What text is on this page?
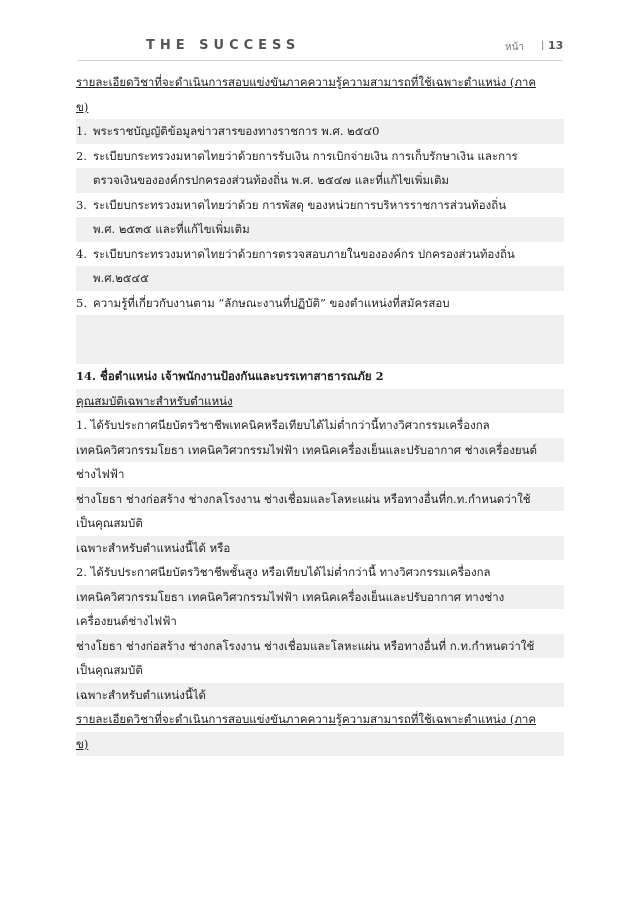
THE SUCCESS	หน้า | 13
รายละเอียดวิชาที่จะดำเนินการสอบแข่งขันภาคความรู้ความสามารถที่ใช้เฉพาะตำแหน่ง (ภาค
ข)
1. พระราชบัญญัติข้อมูลข่าวสารของทางราชการ พ.ศ. ๒๕๔0
2. ระเบียบกระทรวงมหาดไทยว่าด้วยการรับเงิน การเบิกจ่ายเงิน การเก็บรักษาเงิน และการ
ตรวจเงินขององค์กรปกครองส่วนท้องถิ่น พ.ศ. ๒๕๔๗ และที่แก้ไขเพิ่มเติม
3. ระเบียบกระทรวงมหาดไทยว่าด้วย การพัสดุ ของหน่วยการบริหารราชการส่วนท้องถิ่น
พ.ศ. ๒๕๓๕ และที่แก้ไขเพิ่มเติม
4. ระเบียบกระทรวงมหาดไทยว่าด้วยการตรวจสอบภายในขององค์กร ปกครองส่วนท้องถิ่น
พ.ศ.๒๕๔๕
5. ความรู้ที่เกี่ยวกับงานตาม “ลักษณะงานที่ปฏิบัติ” ของตำแหน่งที่สมัครสอบ
14. ชื่อตำแหน่ง เจ้าพนักงานป้องกันและบรรเทาสาธารณภัย 2
คุณสมบัติเฉพาะสำหรับตำแหน่ง
1. ได้รับประกาศนียบัตรวิชาชีพเทคนิคหรือเทียบได้ไม่ต่ำกว่านี้ทางวิศวกรรมเครื่องกล
เทคนิควิศวกรรมโยธา เทคนิควิศวกรรมไฟฟ้า เทคนิคเครื่องเย็นและปรับอากาศ ช่างเครื่องยนต์
ช่างไฟฟ้า
ช่างโยธา ช่างก่อสร้าง ช่างกลโรงงาน ช่างเชื่อมและโลหะแผ่น หรือทางอื่นที่ก.ท.กำหนดว่าใช้
เป็นคุณสมบัติ
เฉพาะสำหรับตำแหน่งนี้ได้ หรือ
2. ได้รับประกาศนียบัตรวิชาชีพชั้นสูง หรือเทียบได้ไม่ต่ำกว่านี้ ทางวิศวกรรมเครื่องกล
เทคนิควิศวกรรมโยธา เทคนิควิศวกรรมไฟฟ้า เทคนิคเครื่องเย็นและปรับอากาศ ทางช่าง
เครื่องยนต์ช่างไฟฟ้า
ช่างโยธา ช่างก่อสร้าง ช่างกลโรงงาน ช่างเชื่อมและโลหะแผ่น หรือทางอื่นที่ ก.ท.กำหนดว่าใช้
เป็นคุณสมบัติ
เฉพาะสำหรับตำแหน่งนี้ได้
รายละเอียดวิชาที่จะดำเนินการสอบแข่งขันภาคความรู้ความสามารถที่ใช้เฉพาะตำแหน่ง (ภาค
ข)
